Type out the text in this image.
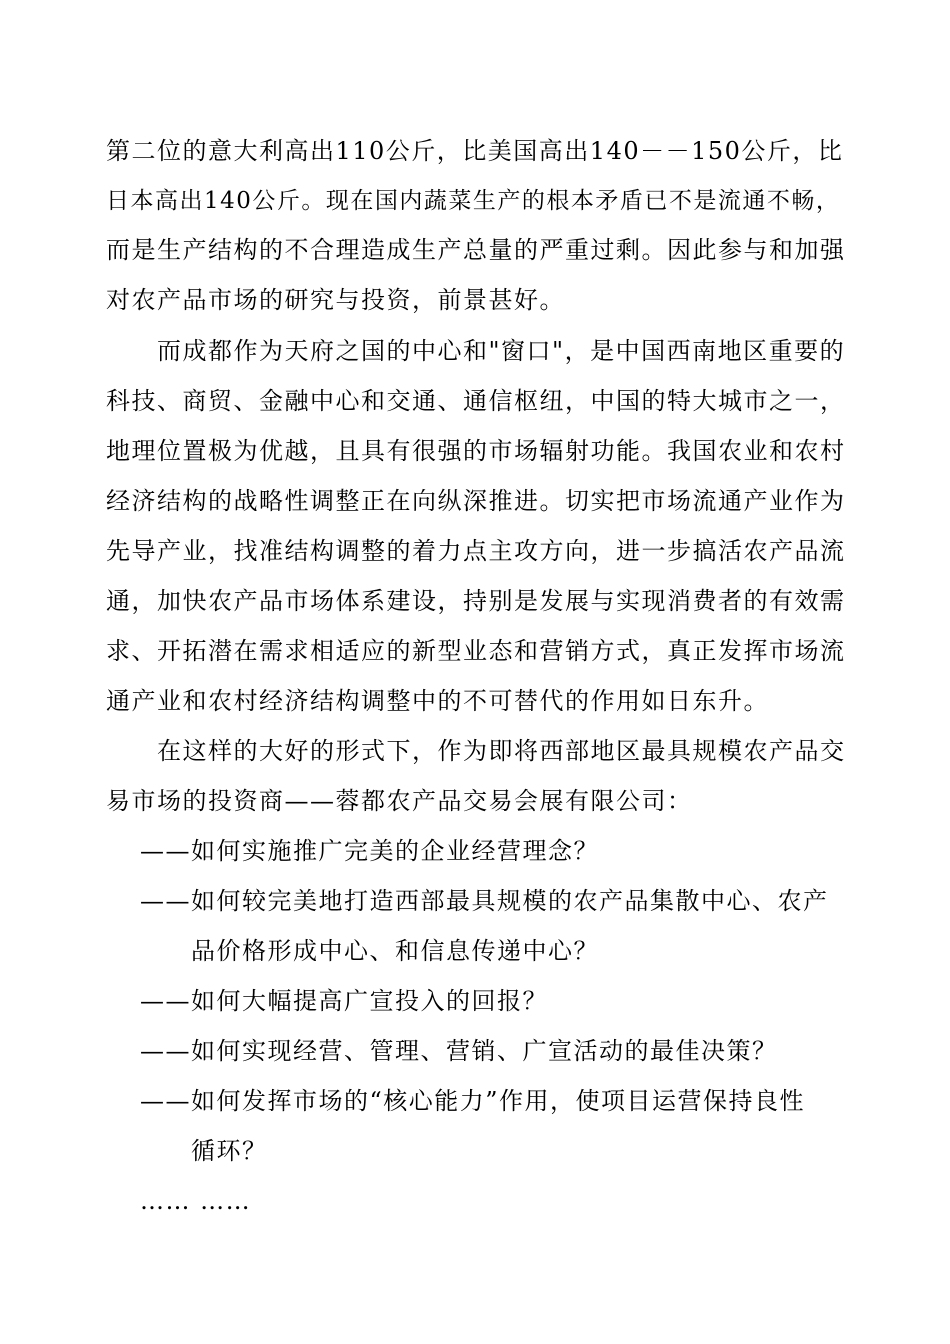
第二位的意大利高出110公斤，比美国高出140－－150公斤，比
日本高出140公斤。现在国内蔬菜生产的根本矛盾已不是流通不畅，
而是生产结构的不合理造成生产总量的严重过剩。因此参与和加强
对农产品市场的研究与投资，前景甚好。
而成都作为天府之国的中心和"窗口"，是中国西南地区重要的
科技、商贸、金融中心和交通、通信枢纽，中国的特大城市之一，
地理位置极为优越，且具有很强的市场辐射功能。我国农业和农村
经济结构的战略性调整正在向纵深推进。切实把市场流通产业作为
先导产业，找准结构调整的着力点主攻方向，进一步搞活农产品流
通，加快农产品市场体系建设，持别是发展与实现消费者的有效需
求、开拓潜在需求相适应的新型业态和营销方式，真正发挥市场流
通产业和农村经济结构调整中的不可替代的作用如日东升。
在这样的大好的形式下，作为即将西部地区最具规模农产品交
易市场的投资商——蓉都农产品交易会展有限公司：
——如何实施推广完美的企业经营理念？
——如何较完美地打造西部最具规模的农产品集散中心、农产
品价格形成中心、和信息传递中心？
——如何大幅提高广宣投入的回报？
——如何实现经营、管理、营销、广宣活动的最佳决策？
——如何发挥市场的“核心能力”作用，使项目运营保持良性
循环？
…… ……
